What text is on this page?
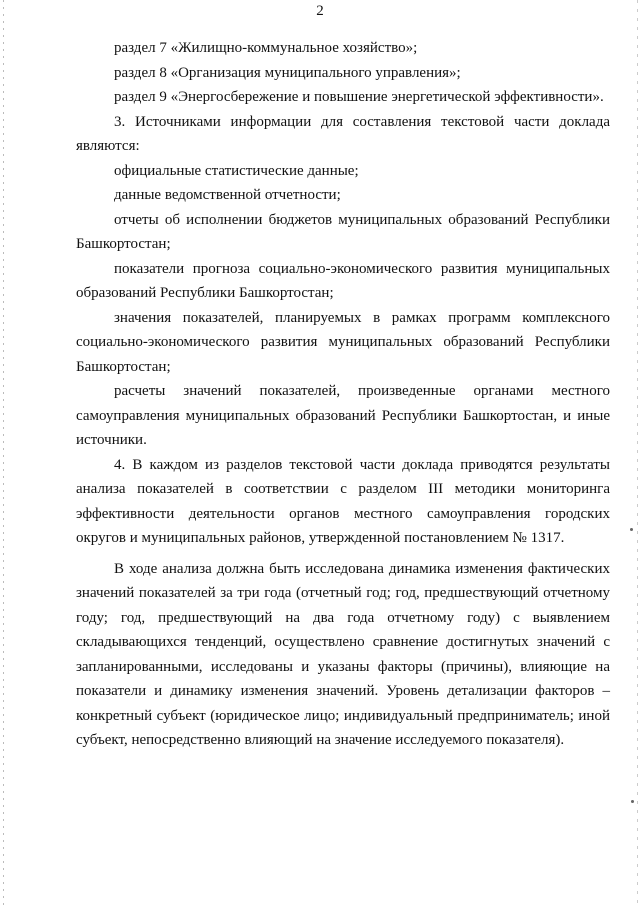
2

раздел 7 «Жилищно-коммунальное хозяйство»;

раздел 8 «Организация муниципального управления»;

раздел 9 «Энергосбережение и повышение энергетической эффективности».

3. Источниками информации для составления текстовой части доклада являются:

официальные статистические данные;

данные ведомственной отчетности;

отчеты об исполнении бюджетов муниципальных образований Республики Башкортостан;

показатели прогноза социально-экономического развития муниципальных образований Республики Башкортостан;

значения показателей, планируемых в рамках программ комплексного социально-экономического развития муниципальных образований Республики Башкортостан;

расчеты значений показателей, произведенные органами местного самоуправления муниципальных образований Республики Башкортостан, и иные источники.

4. В каждом из разделов текстовой части доклада приводятся результаты анализа показателей в соответствии с разделом III методики мониторинга эффективности деятельности органов местного самоуправления городских округов и муниципальных районов, утвержденной постановлением № 1317.

В ходе анализа должна быть исследована динамика изменения фактических значений показателей за три года (отчетный год; год, предшествующий отчетному году; год, предшествующий на два года отчетному году) с выявлением складывающихся тенденций, осуществлено сравнение достигнутых значений с запланированными, исследованы и указаны факторы (причины), влияющие на показатели и динамику изменения значений. Уровень детализации факторов – конкретный субъект (юридическое лицо; индивидуальный предприниматель; иной субъект, непосредственно влияющий на значение исследуемого показателя).
